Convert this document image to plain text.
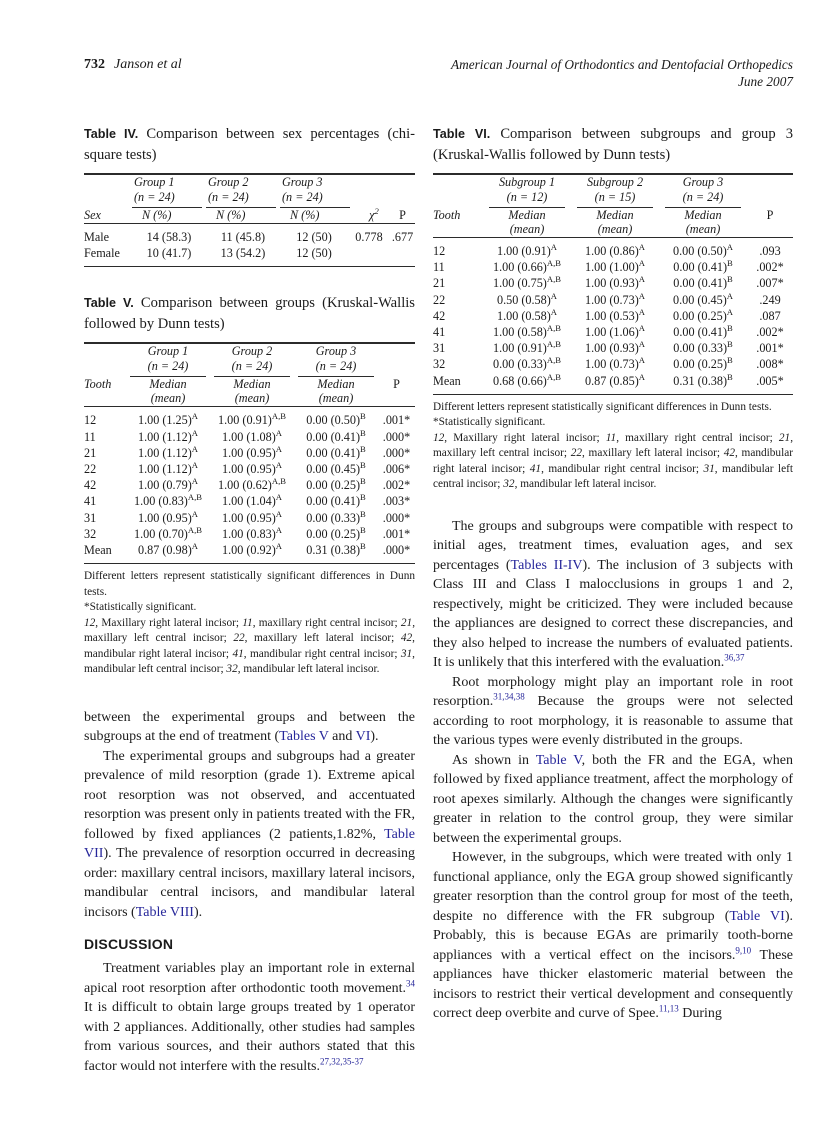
732 Janson et al	American Journal of Orthodontics and Dentofacial Orthopedics
June 2007

Table IV. Comparison between sex percentages (chi-square tests)

	Group 1
(n = 24)	Group 2
(n = 24)	Group 3
(n = 24)		
Sex	N (%)	N (%)	N (%)	$\chi^2$	P
Male	14 (58.3)	11 (45.8)	12 (50)	0.778	.677
Female	10 (41.7)	13 (54.2)	12 (50)		

Table V. Comparison between groups (Kruskal-Wallis followed by Dunn tests)

	Group 1
(n = 24)	Group 2
(n = 24)	Group 3
(n = 24)	
Tooth	Median
(mean)	Median
(mean)	Median
(mean)	P
12	1.00 $(1.25)^A$	1.00 $(0.91)^{A,B}$	0.00 $(0.50)^B$	.001*
11	1.00 $(1.12)^A$	1.00 $(1.08)^A$	0.00 $(0.41)^B$	.000*
21	1.00 $(1.12)^A$	1.00 $(0.95)^A$	0.00 $(0.41)^B$	.000*
22	1.00 $(1.12)^A$	1.00 $(0.95)^A$	0.00 $(0.45)^B$	.006*
42	1.00 $(0.79)^A$	1.00 $(0.62)^{A,B}$	0.00 $(0.25)^B$	.002*
41	1.00 $(0.83)^{A,B}$	1.00 $(1.04)^A$	0.00 $(0.41)^B$	.003*
31	1.00 $(0.95)^A$	1.00 $(0.95)^A$	0.00 $(0.33)^B$	.000*
32	1.00 $(0.70)^{A,B}$	1.00 $(0.83)^A$	0.00 $(0.25)^B$	.001*
Mean	0.87 $(0.98)^A$	1.00 $(0.92)^A$	0.31 $(0.38)^B$	.000*

Different letters represent statistically significant differences in Dunn tests.

*Statistically significant.

12, Maxillary right lateral incisor; 11, maxillary right central incisor; 21, maxillary left central incisor; 22, maxillary left lateral incisor; 42, mandibular right lateral incisor; 41, mandibular right central incisor; 31, mandibular left central incisor; 32, mandibular left lateral incisor.

between the experimental groups and between the subgroups at the end of treatment (Tables V and VI).

The experimental groups and subgroups had a greater prevalence of mild resorption (grade 1). Extreme apical root resorption was not observed, and accentuated resorption was present only in patients treated with the FR, followed by fixed appliances (2 patients,1.82%, Table VII). The prevalence of resorption occurred in decreasing order: maxillary central incisors, maxillary lateral incisors, mandibular central incisors, and mandibular lateral incisors (Table VIII).

DISCUSSION

Treatment variables play an important role in external apical root resorption after orthodontic tooth movement.$^{34}$ It is difficult to obtain large groups treated by 1 operator with 2 appliances. Additionally, other studies had samples from various sources, and their authors stated that this factor would not interfere with the results.$^{27,32,35-37}$

Table VI. Comparison between subgroups and group 3 (Kruskal-Wallis followed by Dunn tests)

	Subgroup 1
(n = 12)	Subgroup 2
(n = 15)	Group 3
(n = 24)	
Tooth	Median
(mean)	Median
(mean)	Median
(mean)	P
12	1.00 $(0.91)^A$	1.00 $(0.86)^A$	0.00 $(0.50)^A$	.093
11	1.00 $(0.66)^{A,B}$	1.00 $(1.00)^A$	0.00 $(0.41)^B$	.002*
21	1.00 $(0.75)^{A,B}$	1.00 $(0.93)^A$	0.00 $(0.41)^B$	.007*
22	0.50 $(0.58)^A$	1.00 $(0.73)^A$	0.00 $(0.45)^A$	.249
42	1.00 $(0.58)^A$	1.00 $(0.53)^A$	0.00 $(0.25)^A$	.087
41	1.00 $(0.58)^{A,B}$	1.00 $(1.06)^A$	0.00 $(0.41)^B$	.002*
31	1.00 $(0.91)^{A,B}$	1.00 $(0.93)^A$	0.00 $(0.33)^B$	.001*
32	0.00 $(0.33)^{A,B}$	1.00 $(0.73)^A$	0.00 $(0.25)^B$	.008*
Mean	0.68 $(0.66)^{A,B}$	0.87 $(0.85)^A$	0.31 $(0.38)^B$	.005*

Different letters represent statistically significant differences in Dunn tests.

*Statistically significant.

12, Maxillary right lateral incisor; 11, maxillary right central incisor; 21, maxillary left central incisor; 22, maxillary left lateral incisor; 42, mandibular right lateral incisor; 41, mandibular right central incisor; 31, mandibular left central incisor; 32, mandibular left lateral incisor.

The groups and subgroups were compatible with respect to initial ages, treatment times, evaluation ages, and sex percentages (Tables II-IV). The inclusion of 3 subjects with Class III and Class I malocclusions in groups 1 and 2, respectively, might be criticized. They were included because the appliances are designed to correct these discrepancies, and they also helped to increase the numbers of evaluated patients. It is unlikely that this interfered with the evaluation.$^{36,37}$

Root morphology might play an important role in root resorption.$^{31,34,38}$ Because the groups were not selected according to root morphology, it is reasonable to assume that the various types were evenly distributed in the groups.

As shown in Table V, both the FR and the EGA, when followed by fixed appliance treatment, affect the morphology of root apexes similarly. Although the changes were significantly greater in relation to the control group, they were similar between the experimental groups.

However, in the subgroups, which were treated with only 1 functional appliance, only the EGA group showed significantly greater resorption than the control group for most of the teeth, despite no difference with the FR subgroup (Table VI). Probably, this is because EGAs are primarily tooth-borne appliances with a vertical effect on the incisors.$^{9,10}$ These appliances have thicker elastomeric material between the incisors to restrict their vertical development and consequently correct deep overbite and curve of Spee.$^{11,13}$ During
